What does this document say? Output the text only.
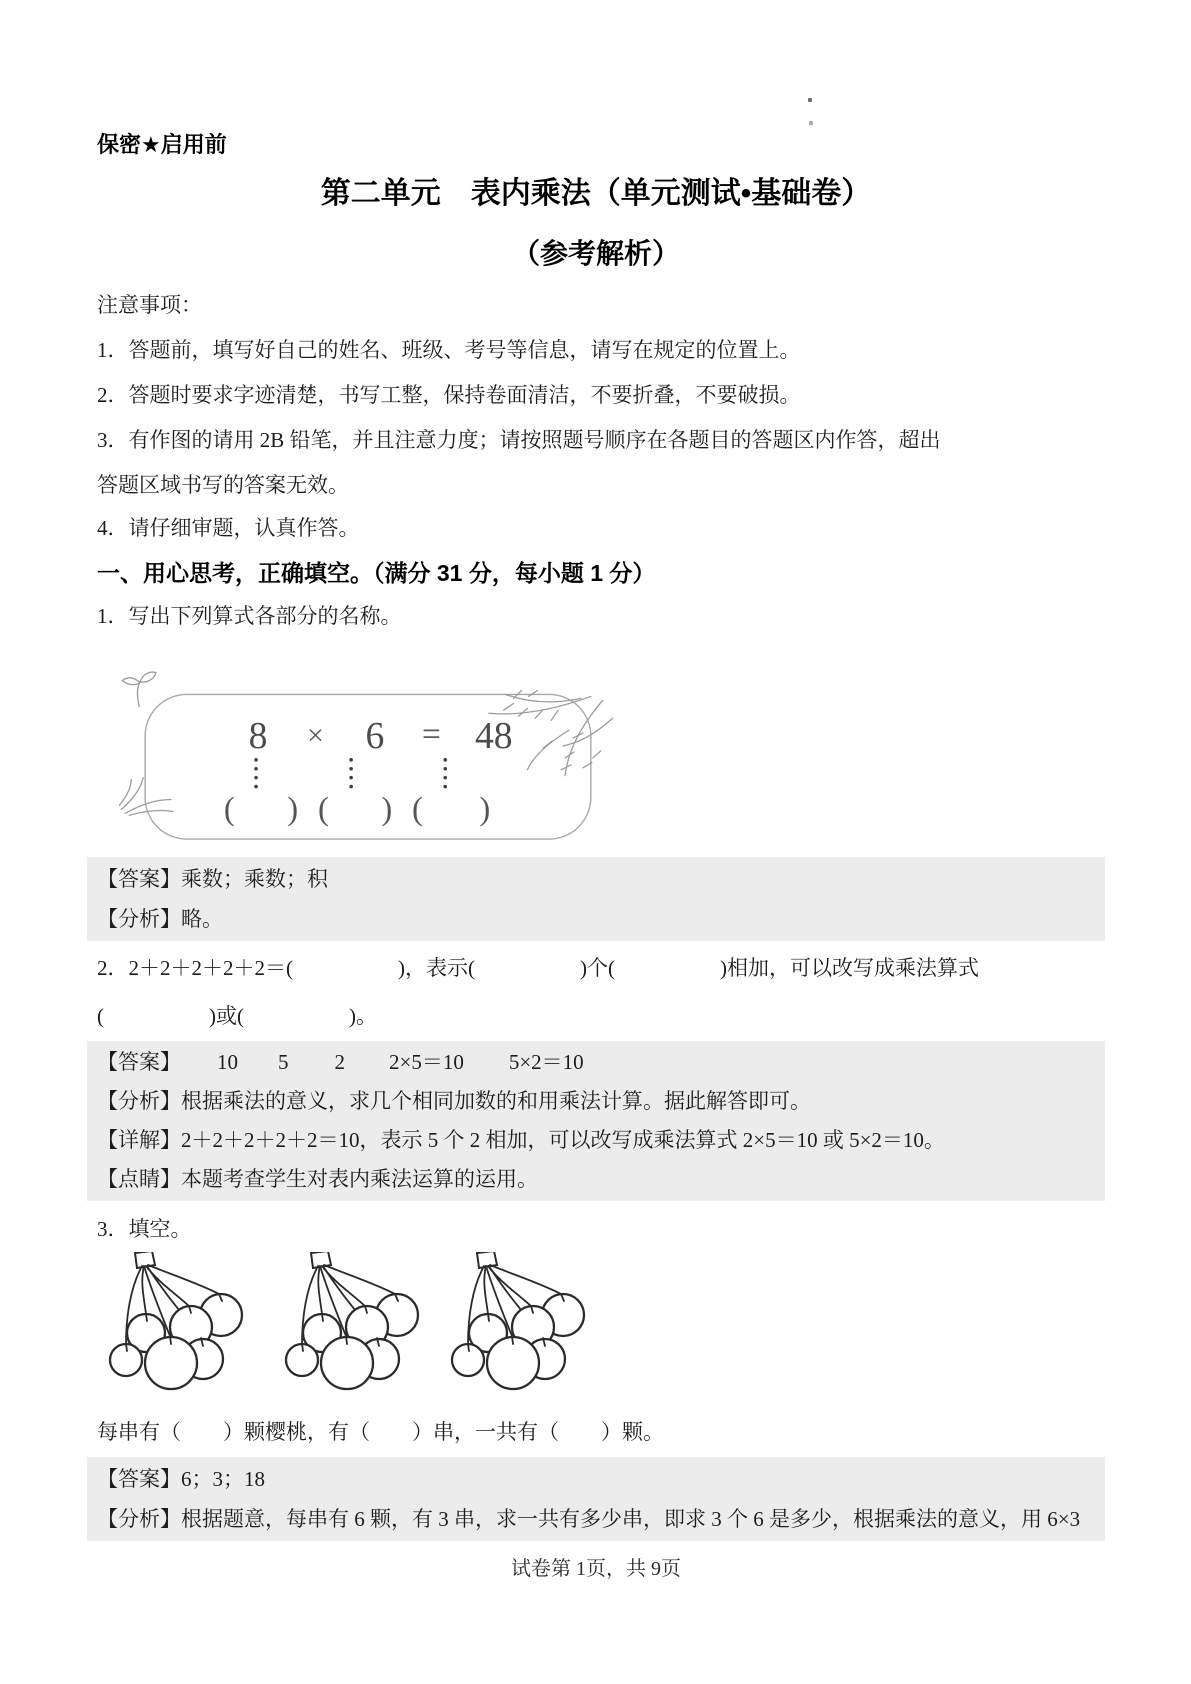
保密★启用前

第二单元　表内乘法（单元测试•基础卷）

（参考解析）

注意事项：

1．答题前，填写好自己的姓名、班级、考号等信息，请写在规定的位置上。

2．答题时要求字迹清楚，书写工整，保持卷面清洁，不要折叠，不要破损。

3．有作图的请用 2B 铅笔，并且注意力度；请按照题号顺序在各题目的答题区内作答，超出

答题区域书写的答案无效。

4．请仔细审题，认真作答。

一、用心思考，正确填空。（满分 31 分，每小题 1 分）

1．写出下列算式各部分的名称。

8 × 6 = 48
( ) ( ) ( )

【答案】乘数；乘数；积

【分析】略。

2．2＋2＋2＋2＋2＝(　　　　　)，表示(　　　　　)个(　　　　　)相加，可以改写成乘法算式

(　　　　　)或(　　　　　)。

【答案】 10 5 2 2×5＝10 5×2＝10

【分析】根据乘法的意义，求几个相同加数的和用乘法计算。据此解答即可。

【详解】2＋2＋2＋2＋2＝10，表示 5 个 2 相加，可以改写成乘法算式 2×5＝10 或 5×2＝10。

【点睛】本题考查学生对表内乘法运算的运用。

3．填空。

每串有（　　）颗樱桃，有（　　）串，一共有（　　）颗。

【答案】6；3；18

【分析】根据题意，每串有 6 颗，有 3 串，求一共有多少串，即求 3 个 6 是多少，根据乘法的意义，用 6×3

试卷第 1页，共 9页
